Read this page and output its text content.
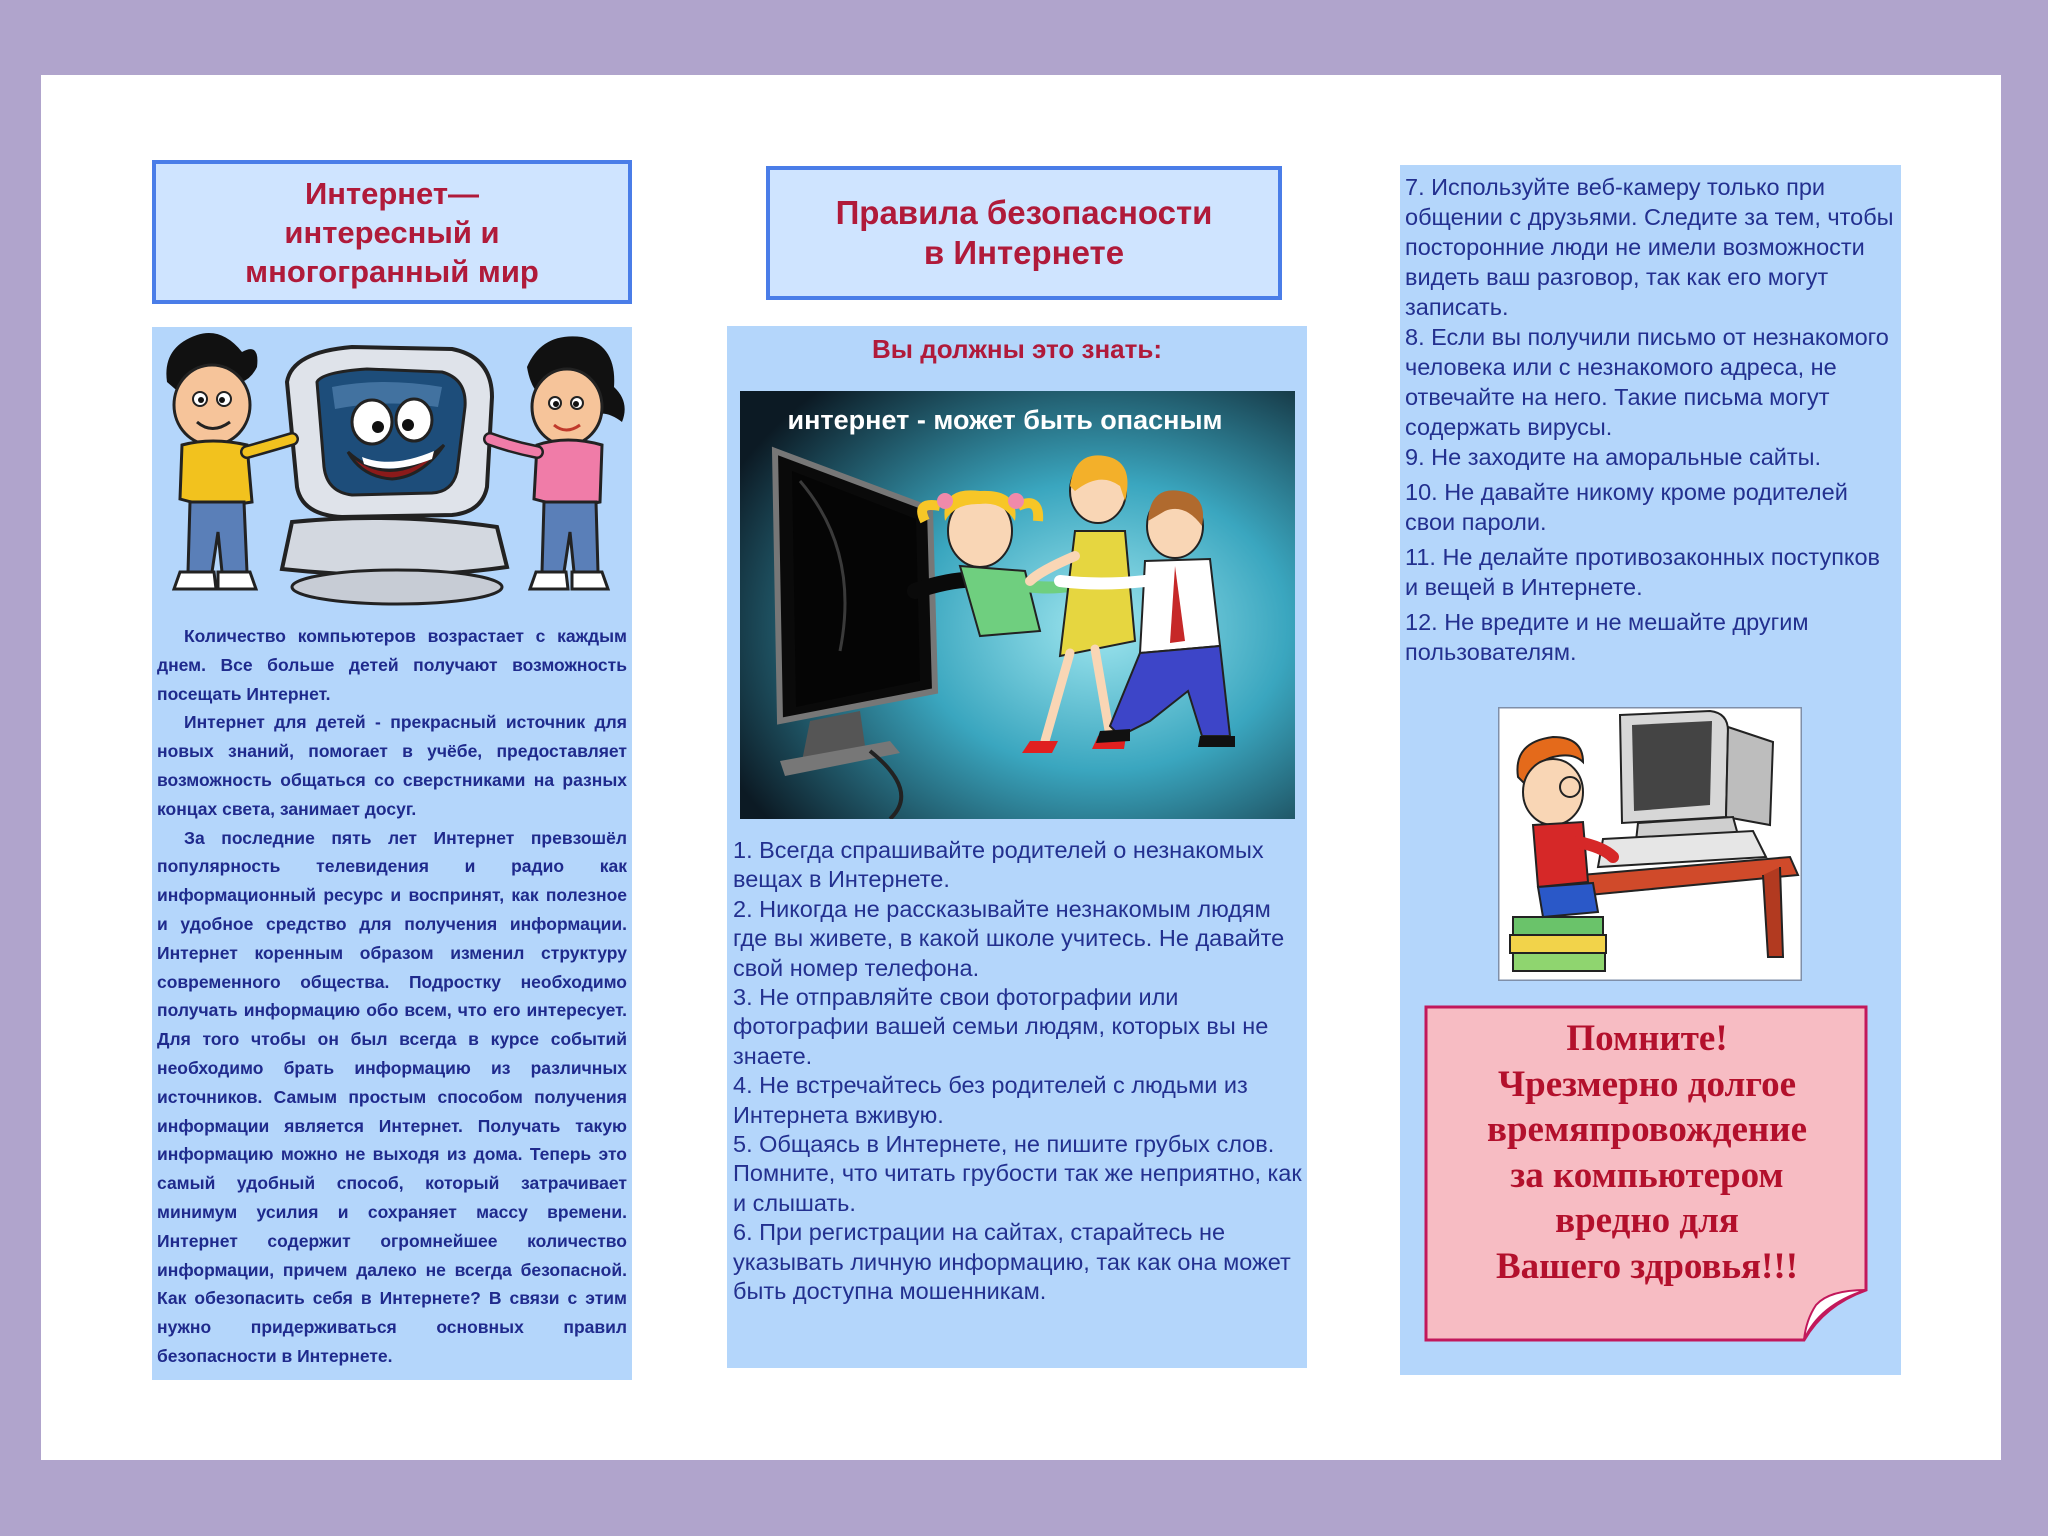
Интернет—
интересный и
многогранный мир

Количество компьютеров возрастает с каждым днем. Все больше детей получают возможность посещать Интернет.

Интернет для детей - прекрасный источник для новых знаний, помогает в учёбе, предоставляет возможность общаться со сверстниками на разных концах света, занимает досуг.

За последние пять лет Интернет превзошёл популярность телевидения и радио как информационный ресурс и воспринят, как полезное и удобное средство для получения информации. Интернет коренным образом изменил структуру современного общества. Подростку необходимо получать информацию обо всем, что его интересует. Для того чтобы он был всегда в курсе событий необходимо брать информацию из различных источников. Самым простым способом получения информации является Интернет. Получать такую информацию можно не выходя из дома. Теперь это самый удобный способ, который затрачивает минимум усилия и сохраняет массу времени. Интернет содержит огромнейшее количество информации, причем далеко не всегда безопасной. Как обезопасить себя в Интернете? В связи с этим нужно придерживаться основных правил безопасности в Интернете.

Правила безопасности
в Интернете
Вы должны это знать:
интернет - может быть опасным

1. Всегда спрашивайте родителей о незнакомых вещах в Интернете.

2. Никогда не рассказывайте незнакомым людям где вы живете, в какой школе учитесь. Не давайте свой номер телефона.

3. Не отправляйте свои фотографии или фотографии вашей семьи людям, которых вы не знаете.

4. Не встречайтесь без родителей с людьми из Интернета вживую.

5. Общаясь в Интернете, не пишите грубых слов. Помните, что читать грубости так же неприятно, как и слышать.

6. При регистрации на сайтах, старайтесь не указывать личную информацию, так как она может быть доступна мошенникам.

7. Используйте веб-камеру только при общении с друзьями. Следите за тем, чтобы посторонние люди не имели возможности видеть ваш разговор, так как его могут записать.

8. Если вы получили письмо от незнакомого человека или с незнакомого адреса, не отвечайте на него. Такие письма могут содержать вирусы.

9. Не заходите на аморальные сайты.

10. Не давайте никому кроме родителей свои пароли.

11. Не делайте противозаконных поступков и вещей в Интернете.

12. Не вредите и не мешайте другим пользователям.

Помните!
Чрезмерно долгое
времяпровождение
за компьютером
вредно для
Вашего здровья!!!
